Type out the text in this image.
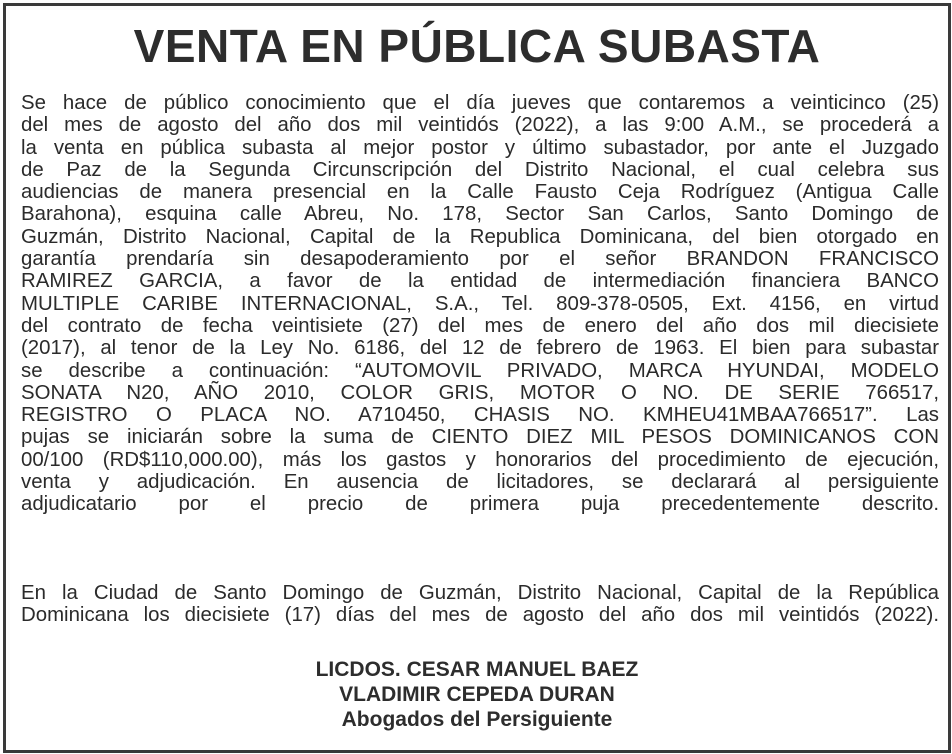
VENTA EN PÚBLICA SUBASTA
Se hace de público conocimiento que el día jueves que contaremos a veinticinco (25)
del mes de agosto del año dos mil veintidós (2022), a las 9:00 A.M., se procederá a
la venta en pública subasta al mejor postor y último subastador, por ante el Juzgado
de Paz de la Segunda Circunscripción del Distrito Nacional, el cual celebra sus
audiencias de manera presencial en la Calle Fausto Ceja Rodríguez (Antigua Calle
Barahona), esquina calle Abreu, No. 178, Sector San Carlos, Santo Domingo de
Guzmán, Distrito Nacional, Capital de la Republica Dominicana, del bien otorgado en
garantía prendaría sin desapoderamiento por el señor BRANDON FRANCISCO
RAMIREZ GARCIA, a favor de la entidad de intermediación financiera BANCO
MULTIPLE CARIBE INTERNACIONAL, S.A., Tel. 809-378-0505, Ext. 4156, en virtud
del contrato de fecha veintisiete (27) del mes de enero del año dos mil diecisiete
(2017), al tenor de la Ley No. 6186, del 12 de febrero de 1963. El bien para subastar
se describe a continuación: “AUTOMOVIL PRIVADO, MARCA HYUNDAI, MODELO
SONATA N20, AÑO 2010, COLOR GRIS, MOTOR O NO. DE SERIE 766517,
REGISTRO O PLACA NO. A710450, CHASIS NO. KMHEU41MBAA766517”. Las
pujas se iniciarán sobre la suma de CIENTO DIEZ MIL PESOS DOMINICANOS CON
00/100 (RD$110,000.00), más los gastos y honorarios del procedimiento de ejecución,
venta y adjudicación. En ausencia de licitadores, se declarará al persiguiente
adjudicatario por el precio de primera puja precedentemente descrito.
En la Ciudad de Santo Domingo de Guzmán, Distrito Nacional, Capital de la República
Dominicana los diecisiete (17) días del mes de agosto del año dos mil veintidós (2022).
LICDOS. CESAR MANUEL BAEZ
VLADIMIR CEPEDA DURAN
Abogados del Persiguiente
